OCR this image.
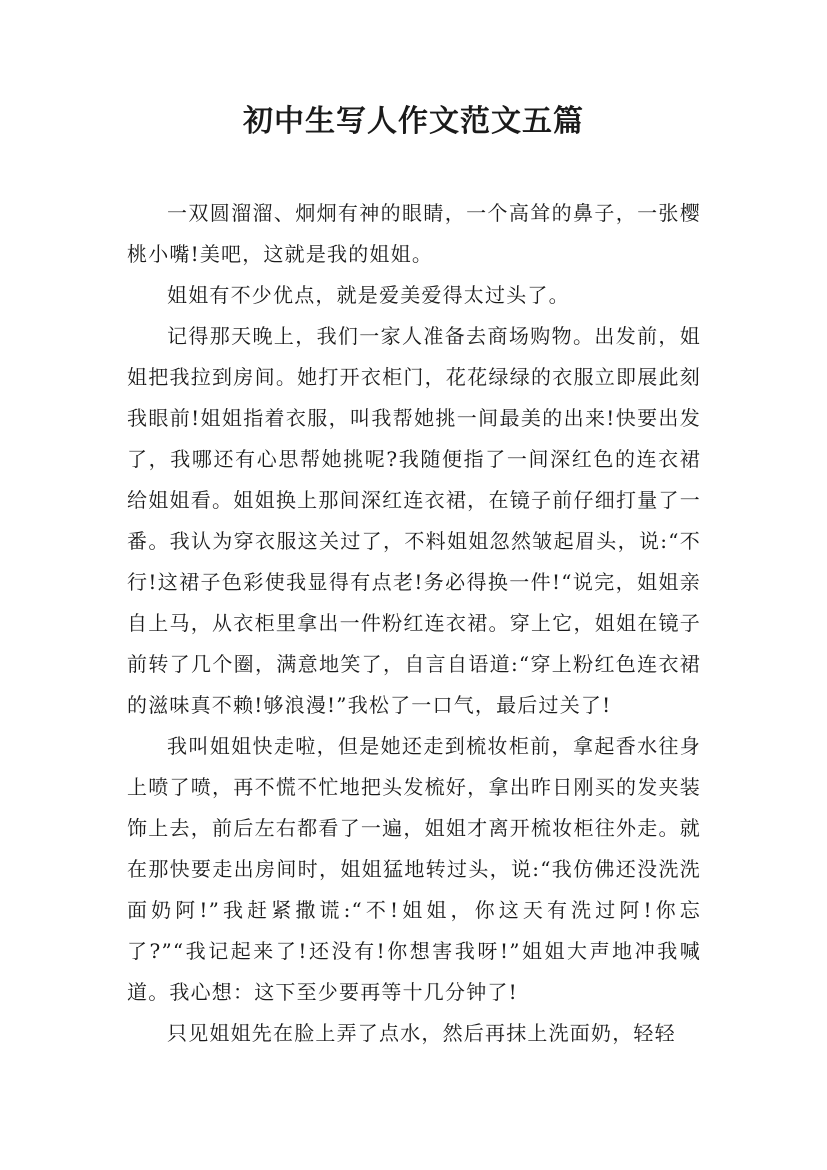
初中生写人作文范文五篇

一双圆溜溜、炯炯有神的眼睛，一个高耸的鼻子，一张樱桃小嘴!美吧，这就是我的姐姐。

姐姐有不少优点，就是爱美爱得太过头了。

记得那天晚上，我们一家人准备去商场购物。出发前，姐姐把我拉到房间。她打开衣柜门，花花绿绿的衣服立即展此刻我眼前!姐姐指着衣服，叫我帮她挑一间最美的出来!快要出发了，我哪还有心思帮她挑呢?我随便指了一间深红色的连衣裙给姐姐看。姐姐换上那间深红连衣裙，在镜子前仔细打量了一番。我认为穿衣服这关过了，不料姐姐忽然皱起眉头，说:“不行!这裙子色彩使我显得有点老!务必得换一件!“说完，姐姐亲自上马，从衣柜里拿出一件粉红连衣裙。穿上它，姐姐在镜子前转了几个圈，满意地笑了，自言自语道:“穿上粉红色连衣裙的滋味真不赖!够浪漫!”我松了一口气，最后过关了!

我叫姐姐快走啦，但是她还走到梳妆柜前，拿起香水往身上喷了喷，再不慌不忙地把头发梳好，拿出昨日刚买的发夹装饰上去，前后左右都看了一遍，姐姐才离开梳妆柜往外走。就在那快要走出房间时，姐姐猛地转过头，说:“我仿佛还没洗洗面奶阿!”我赶紧撒谎:“不!姐姐，你这天有洗过阿!你忘了?”“我记起来了!还没有!你想害我呀!”姐姐大声地冲我喊道。我心想：这下至少要再等十几分钟了!

只见姐姐先在脸上弄了点水，然后再抹上洗面奶，轻轻
